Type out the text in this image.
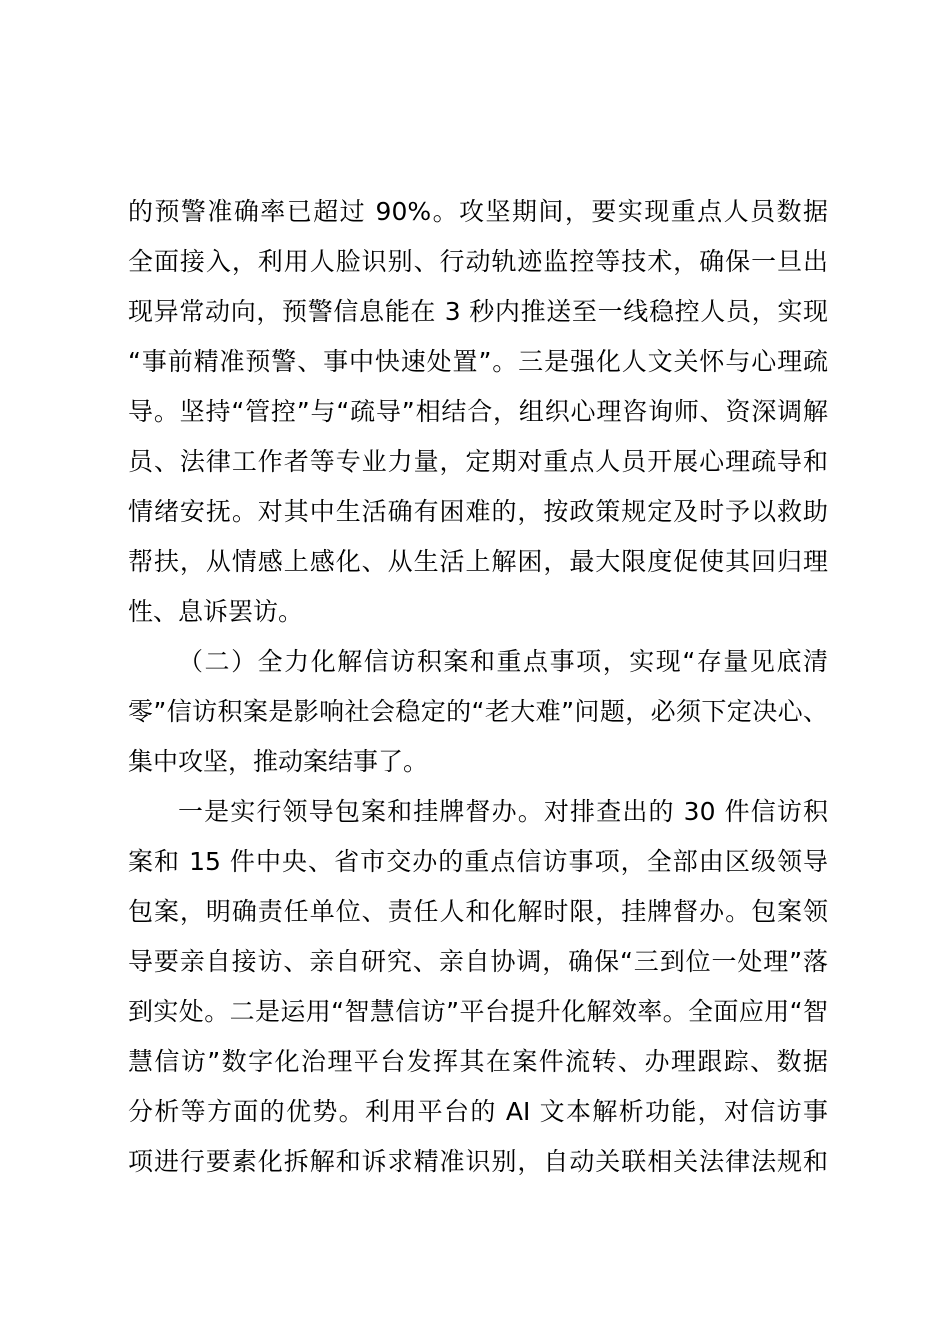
的预警准确率已超过 90%。攻坚期间，要实现重点人员数据
全面接入，利用人脸识别、行动轨迹监控等技术，确保一旦出
现异常动向，预警信息能在 3 秒内推送至一线稳控人员，实现
“事前精准预警、事中快速处置”。三是强化人文关怀与心理疏
导。坚持“管控”与“疏导”相结合，组织心理咨询师、资深调解
员、法律工作者等专业力量，定期对重点人员开展心理疏导和
情绪安抚。对其中生活确有困难的，按政策规定及时予以救助
帮扶，从情感上感化、从生活上解困，最大限度促使其回归理
性、息诉罢访。
（二）全力化解信访积案和重点事项，实现“存量见底清
零”信访积案是影响社会稳定的“老大难”问题，必须下定决心、
集中攻坚，推动案结事了。
一是实行领导包案和挂牌督办。对排查出的 30 件信访积
案和 15 件中央、省市交办的重点信访事项，全部由区级领导
包案，明确责任单位、责任人和化解时限，挂牌督办。包案领
导要亲自接访、亲自研究、亲自协调，确保“三到位一处理”落
到实处。二是运用“智慧信访”平台提升化解效率。全面应用“智
慧信访”数字化治理平台发挥其在案件流转、办理跟踪、数据
分析等方面的优势。利用平台的 AI 文本解析功能，对信访事
项进行要素化拆解和诉求精准识别，自动关联相关法律法规和
